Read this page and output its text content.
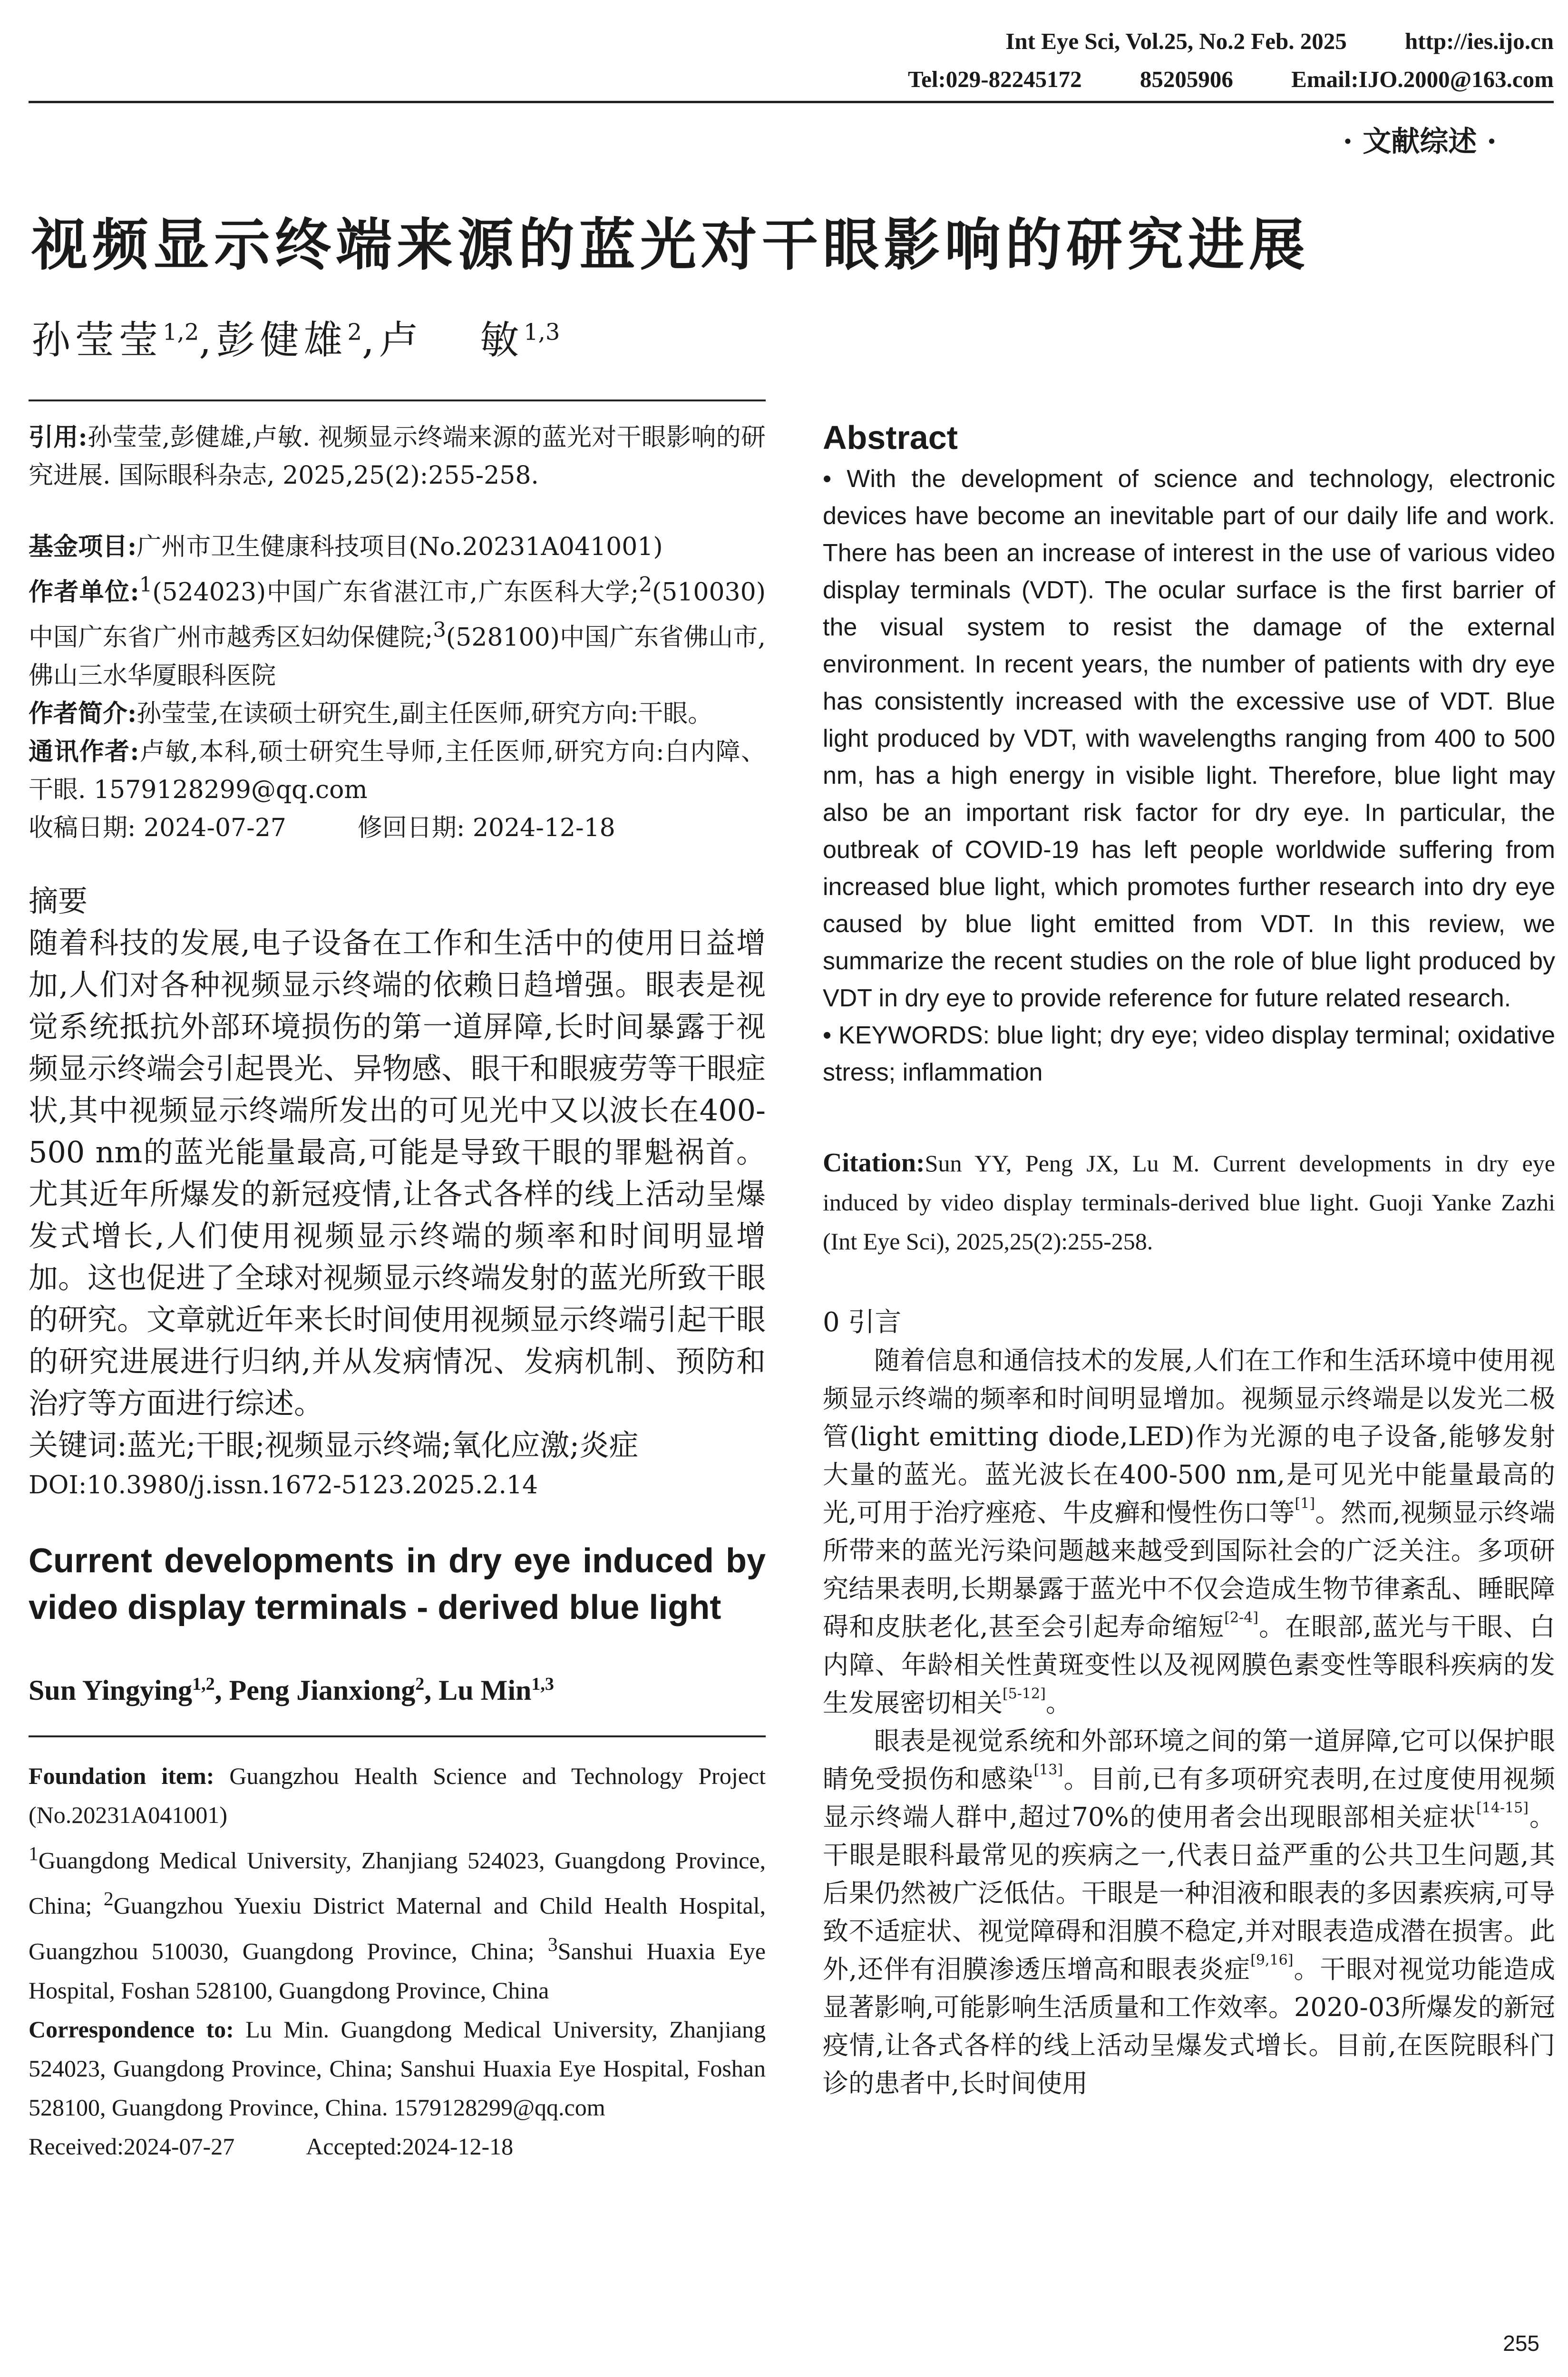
Int Eye Sci, Vol.25, No.2 Feb. 2025 http://ies.ijo.cn
Tel:029-82245172 85205906 Email:IJO.2000@163.com
· 文献综述 ·
视频显示终端来源的蓝光对干眼影响的研究进展
孙莹莹$^{1,2}$,彭健雄$^2$,卢 敏$^{1,3}$

引用:孙莹莹,彭健雄,卢敏. 视频显示终端来源的蓝光对干眼影响的研究进展. 国际眼科杂志, 2025,25(2):255-258.

基金项目:广州市卫生健康科技项目(No.20231A041001)

作者单位:$^1$(524023)中国广东省湛江市,广东医科大学;$^2$(510030)中国广东省广州市越秀区妇幼保健院;$^3$(528100)中国广东省佛山市,佛山三水华厦眼科医院

作者简介:孙莹莹,在读硕士研究生,副主任医师,研究方向:干眼。

通讯作者:卢敏,本科,硕士研究生导师,主任医师,研究方向:白内障、干眼. 1579128299@qq.com

收稿日期: 2024-07-27	修回日期: 2024-12-18

摘要

随着科技的发展,电子设备在工作和生活中的使用日益增加,人们对各种视频显示终端的依赖日趋增强。眼表是视觉系统抵抗外部环境损伤的第一道屏障,长时间暴露于视频显示终端会引起畏光、异物感、眼干和眼疲劳等干眼症状,其中视频显示终端所发出的可见光中又以波长在400-500 nm的蓝光能量最高,可能是导致干眼的罪魁祸首。尤其近年所爆发的新冠疫情,让各式各样的线上活动呈爆发式增长,人们使用视频显示终端的频率和时间明显增加。这也促进了全球对视频显示终端发射的蓝光所致干眼的研究。文章就近年来长时间使用视频显示终端引起干眼的研究进展进行归纳,并从发病情况、发病机制、预防和治疗等方面进行综述。

关键词:蓝光;干眼;视频显示终端;氧化应激;炎症

DOI:10.3980/j.issn.1672-5123.2025.2.14

Current developments in dry eye induced by video display terminals - derived blue light

Sun Yingying$^{1,2}$, Peng Jianxiong$^2$, Lu Min$^{1,3}$

Foundation item: Guangzhou Health Science and Technology Project (No.20231A041001)

$^1$Guangdong Medical University, Zhanjiang 524023, Guangdong Province, China; $^2$Guangzhou Yuexiu District Maternal and Child Health Hospital, Guangzhou 510030, Guangdong Province, China; $^3$Sanshui Huaxia Eye Hospital, Foshan 528100, Guangdong Province, China

Correspondence to: Lu Min. Guangdong Medical University, Zhanjiang 524023, Guangdong Province, China; Sanshui Huaxia Eye Hospital, Foshan 528100, Guangdong Province, China. 1579128299@qq.com

Received:2024-07-27	Accepted:2024-12-18

Abstract

• With the development of science and technology, electronic devices have become an inevitable part of our daily life and work. There has been an increase of interest in the use of various video display terminals (VDT). The ocular surface is the first barrier of the visual system to resist the damage of the external environment. In recent years, the number of patients with dry eye has consistently increased with the excessive use of VDT. Blue light produced by VDT, with wavelengths ranging from 400 to 500 nm, has a high energy in visible light. Therefore, blue light may also be an important risk factor for dry eye. In particular, the outbreak of COVID-19 has left people worldwide suffering from increased blue light, which promotes further research into dry eye caused by blue light emitted from VDT. In this review, we summarize the recent studies on the role of blue light produced by VDT in dry eye to provide reference for future related research.

• KEYWORDS: blue light; dry eye; video display terminal; oxidative stress; inflammation

Citation:Sun YY, Peng JX, Lu M. Current developments in dry eye induced by video display terminals-derived blue light. Guoji Yanke Zazhi (Int Eye Sci), 2025,25(2):255-258.

0 引言

随着信息和通信技术的发展,人们在工作和生活环境中使用视频显示终端的频率和时间明显增加。视频显示终端是以发光二极管(light emitting diode,LED)作为光源的电子设备,能够发射大量的蓝光。蓝光波长在400-500 nm,是可见光中能量最高的光,可用于治疗痤疮、牛皮癣和慢性伤口等[1]。然而,视频显示终端所带来的蓝光污染问题越来越受到国际社会的广泛关注。多项研究结果表明,长期暴露于蓝光中不仅会造成生物节律紊乱、睡眠障碍和皮肤老化,甚至会引起寿命缩短[2-4]。在眼部,蓝光与干眼、白内障、年龄相关性黄斑变性以及视网膜色素变性等眼科疾病的发生发展密切相关[5-12]。

眼表是视觉系统和外部环境之间的第一道屏障,它可以保护眼睛免受损伤和感染[13]。目前,已有多项研究表明,在过度使用视频显示终端人群中,超过70%的使用者会出现眼部相关症状[14-15]。干眼是眼科最常见的疾病之一,代表日益严重的公共卫生问题,其后果仍然被广泛低估。干眼是一种泪液和眼表的多因素疾病,可导致不适症状、视觉障碍和泪膜不稳定,并对眼表造成潜在损害。此外,还伴有泪膜渗透压增高和眼表炎症[9,16]。干眼对视觉功能造成显著影响,可能影响生活质量和工作效率。2020-03所爆发的新冠疫情,让各式各样的线上活动呈爆发式增长。目前,在医院眼科门诊的患者中,长时间使用

255
